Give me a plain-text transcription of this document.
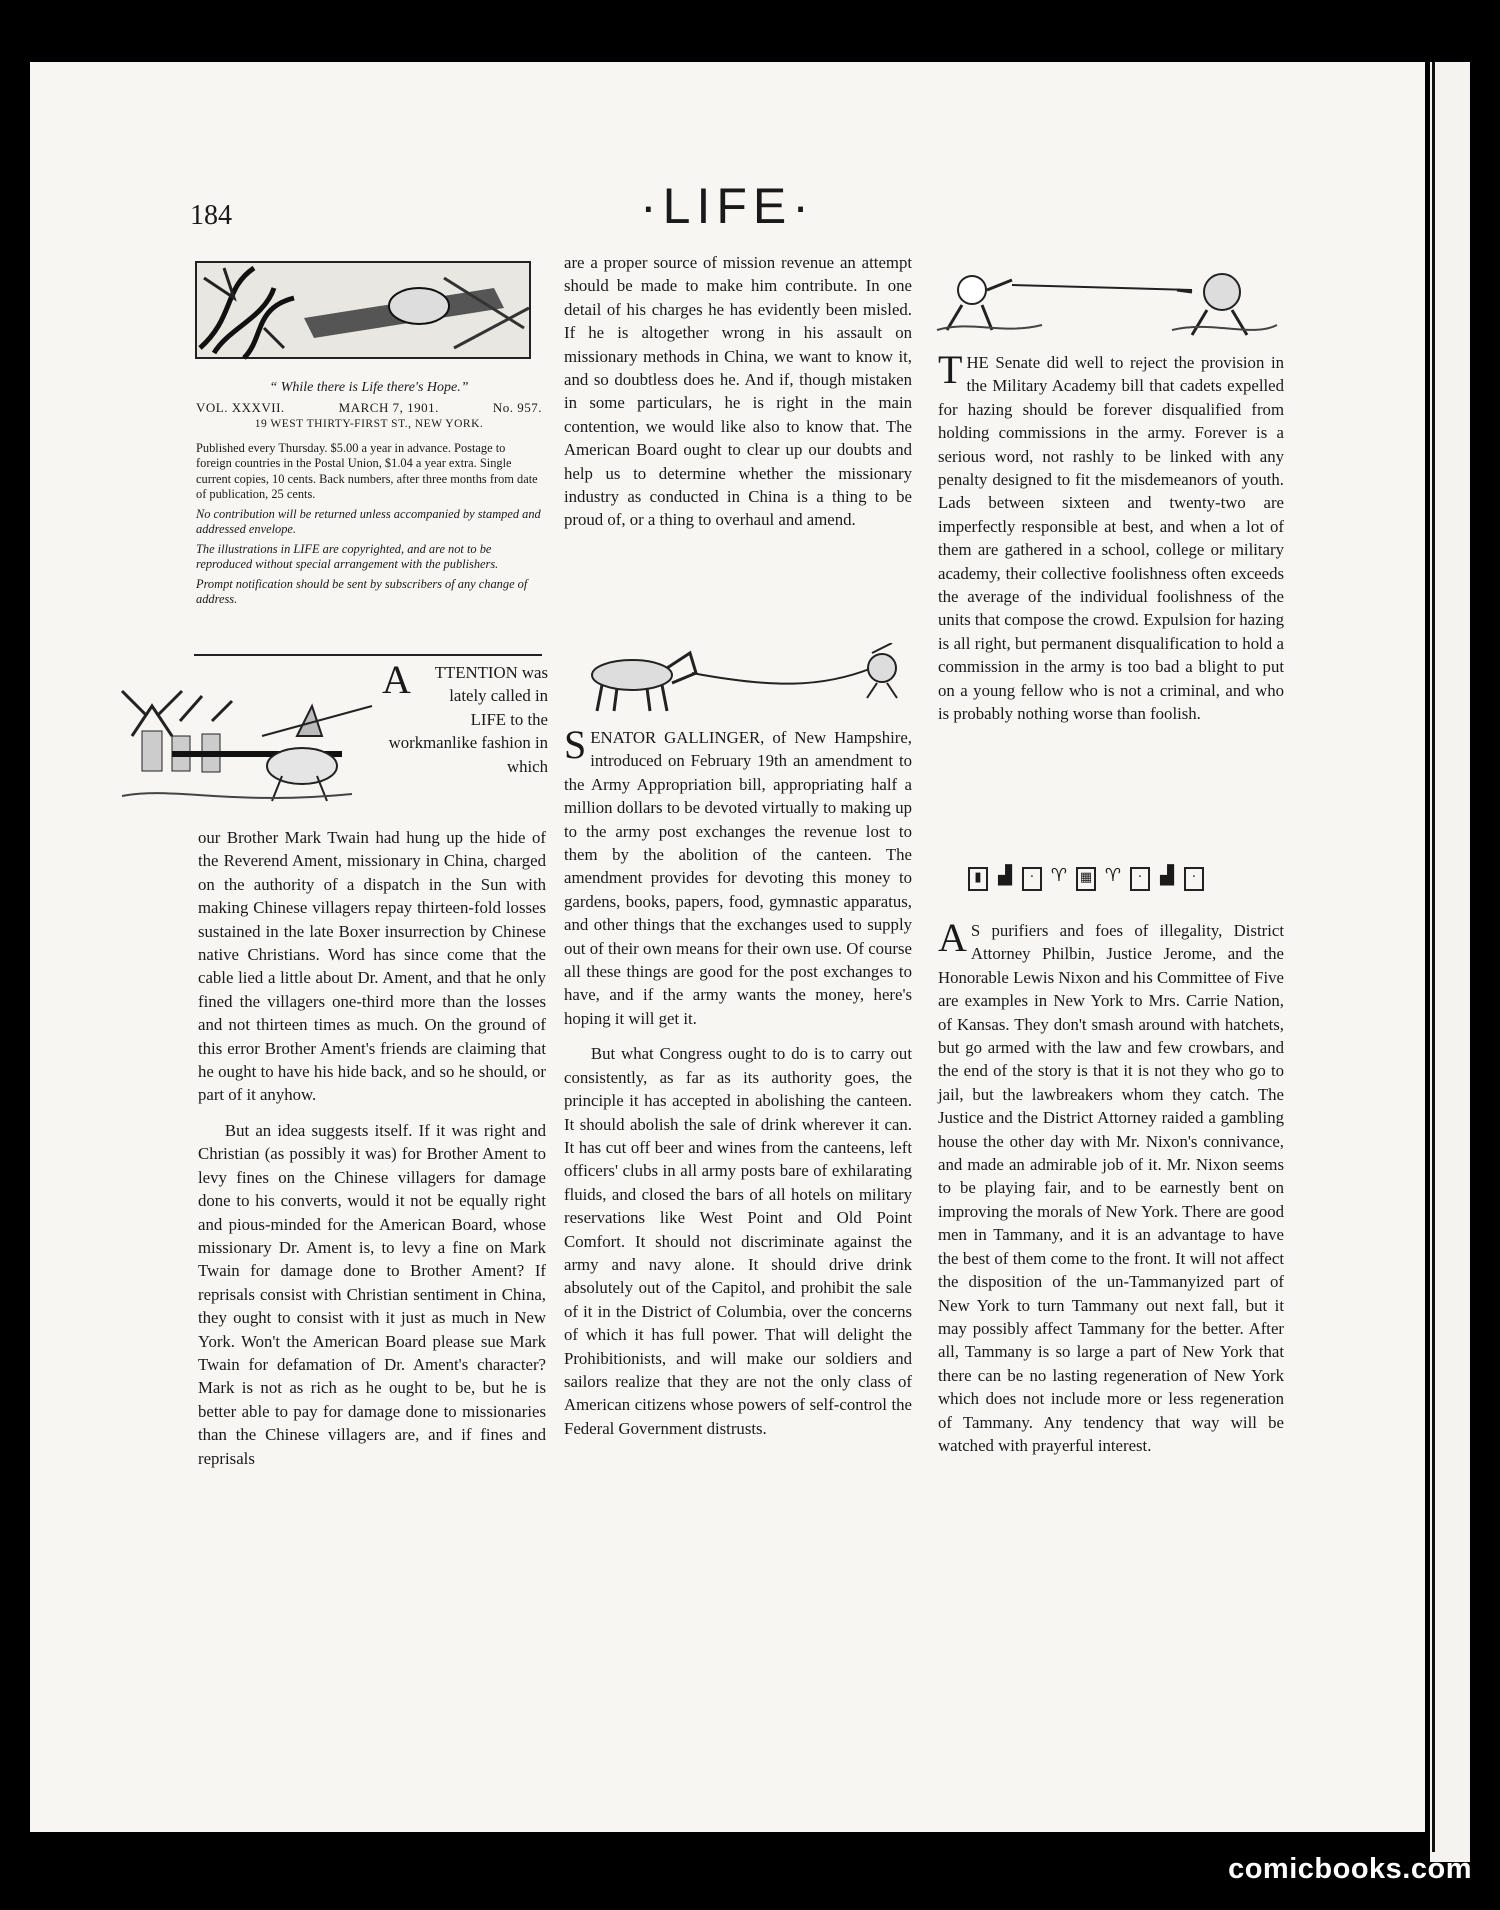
184	·LIFE·
“ While there is Life there's Hope.”
VOL. XXXVII.	MARCH 7, 1901.	No. 957.
19 WEST THIRTY-FIRST ST., NEW YORK.
Published every Thursday. $5.00 a year in advance. Postage to foreign countries in the Postal Union, $1.04 a year extra. Single current copies, 10 cents. Back numbers, after three months from date of publication, 25 cents.
No contribution will be returned unless accompanied by stamped and addressed envelope.
The illustrations in LIFE are copyrighted, and are not to be reproduced without special arrangement with the publishers.
Prompt notification should be sent by subscribers of any change of address.
A TTENTION was lately called in LIFE to the workmanlike fashion in which

our Brother Mark Twain had hung up the hide of the Reverend Ament, missionary in China, charged on the authority of a dispatch in the Sun with making Chinese villagers repay thirteen-fold losses sustained in the late Boxer insurrection by Chinese native Christians. Word has since come that the cable lied a little about Dr. Ament, and that he only fined the villagers one-third more than the losses and not thirteen times as much. On the ground of this error Brother Ament's friends are claiming that he ought to have his hide back, and so he should, or part of it anyhow.

But an idea suggests itself. If it was right and Christian (as possibly it was) for Brother Ament to levy fines on the Chinese villagers for damage done to his converts, would it not be equally right and pious-minded for the American Board, whose missionary Dr. Ament is, to levy a fine on Mark Twain for damage done to Brother Ament? If reprisals consist with Christian sentiment in China, they ought to consist with it just as much in New York. Won't the American Board please sue Mark Twain for defamation of Dr. Ament's character? Mark is not as rich as he ought to be, but he is better able to pay for damage done to missionaries than the Chinese villagers are, and if fines and reprisals

are a proper source of mission revenue an attempt should be made to make him contribute. In one detail of his charges he has evidently been misled. If he is altogether wrong in his assault on missionary methods in China, we want to know it, and so doubtless does he. And if, though mistaken in some particulars, he is right in the main contention, we would like also to know that. The American Board ought to clear up our doubts and help us to determine whether the missionary industry as conducted in China is a thing to be proud of, or a thing to overhaul and amend.

SENATOR GALLINGER, of New Hampshire, introduced on February 19th an amendment to the Army Appropriation bill, appropriating half a million dollars to be devoted virtually to making up to the army post exchanges the revenue lost to them by the abolition of the canteen. The amendment provides for devoting this money to gardens, books, papers, food, gymnastic apparatus, and other things that the exchanges used to supply out of their own means for their own use. Of course all these things are good for the post exchanges to have, and if the army wants the money, here's hoping it will get it.

But what Congress ought to do is to carry out consistently, as far as its authority goes, the principle it has accepted in abolishing the canteen. It should abolish the sale of drink wherever it can. It has cut off beer and wines from the canteens, left officers' clubs in all army posts bare of exhilarating fluids, and closed the bars of all hotels on military reservations like West Point and Old Point Comfort. It should not discriminate against the army and navy alone. It should drive drink absolutely out of the Capitol, and prohibit the sale of it in the District of Columbia, over the concerns of which it has full power. That will delight the Prohibitionists, and will make our soldiers and sailors realize that they are not the only class of American citizens whose powers of self-control the Federal Government distrusts.

THE Senate did well to reject the provision in the Military Academy bill that cadets expelled for hazing should be forever disqualified from holding commissions in the army. Forever is a serious word, not rashly to be linked with any penalty designed to fit the misdemeanors of youth. Lads between sixteen and twenty-two are imperfectly responsible at best, and when a lot of them are gathered in a school, college or military academy, their collective foolishness often exceeds the average of the individual foolishness of the units that compose the crowd. Expulsion for hazing is all right, but permanent disqualification to hold a commission in the army is too bad a blight to put on a young fellow who is not a criminal, and who is probably nothing worse than foolish.

▮ ▟	· ♈ ▦ ♈	·	▟	·

A S purifiers and foes of illegality, District Attorney Philbin, Justice Jerome, and the Honorable Lewis Nixon and his Committee of Five are examples in New York to Mrs. Carrie Nation, of Kansas. They don't smash around with hatchets, but go armed with the law and few crowbars, and the end of the story is that it is not they who go to jail, but the lawbreakers whom they catch. The Justice and the District Attorney raided a gambling house the other day with Mr. Nixon's connivance, and made an admirable job of it. Mr. Nixon seems to be playing fair, and to be earnestly bent on improving the morals of New York. There are good men in Tammany, and it is an advantage to have the best of them come to the front. It will not affect the disposition of the un-Tammanyized part of New York to turn Tammany out next fall, but it may possibly affect Tammany for the better. After all, Tammany is so large a part of New York that there can be no lasting regeneration of New York which does not include more or less regeneration of Tammany. Any tendency that way will be watched with prayerful interest.

comicbooks.com
